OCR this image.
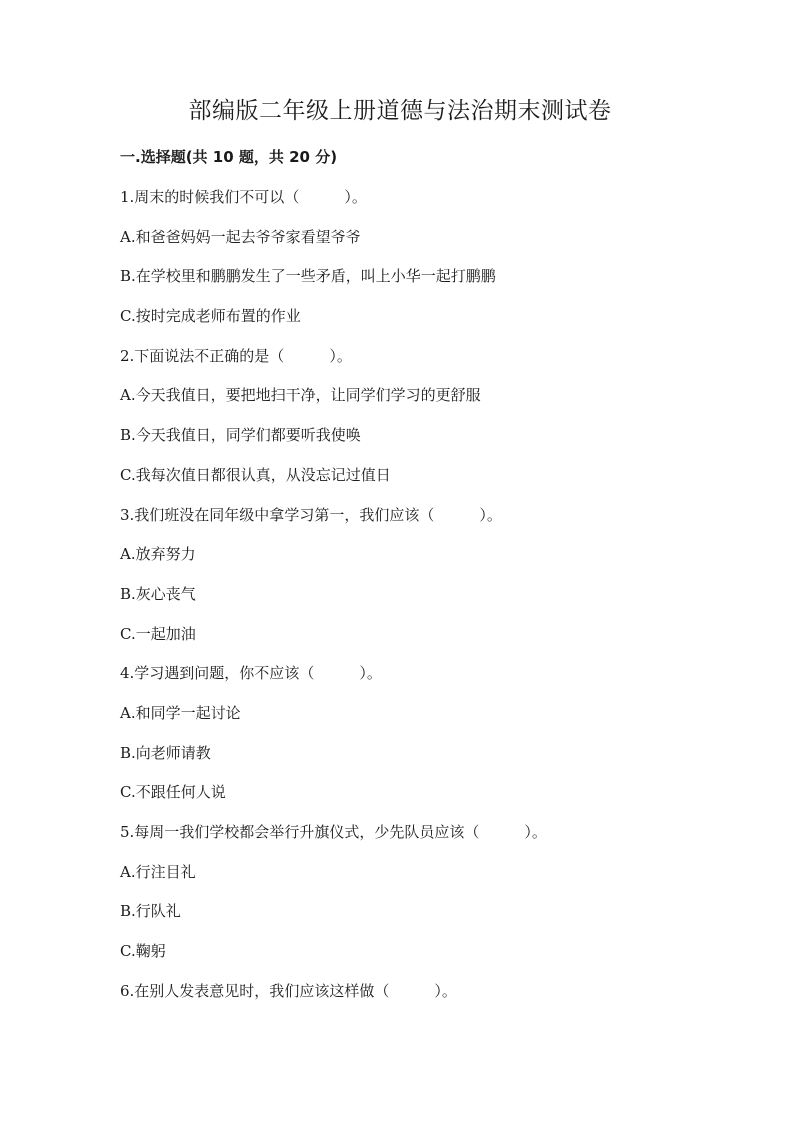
部编版二年级上册道德与法治期末测试卷
一.选择题(共 10 题，共 20 分)
1.周末的时候我们不可以（　　　）。
A.和爸爸妈妈一起去爷爷家看望爷爷
B.在学校里和鹏鹏发生了一些矛盾，叫上小华一起打鹏鹏
C.按时完成老师布置的作业
2.下面说法不正确的是（　　　）。
A.今天我值日，要把地扫干净，让同学们学习的更舒服
B.今天我值日，同学们都要听我使唤
C.我每次值日都很认真，从没忘记过值日
3.我们班没在同年级中拿学习第一，我们应该（　　　）。
A.放弃努力
B.灰心丧气
C.一起加油
4.学习遇到问题，你不应该（　　　）。
A.和同学一起讨论
B.向老师请教
C.不跟任何人说
5.每周一我们学校都会举行升旗仪式，少先队员应该（　　　）。
A.行注目礼
B.行队礼
C.鞠躬
6.在别人发表意见时，我们应该这样做（　　　）。
